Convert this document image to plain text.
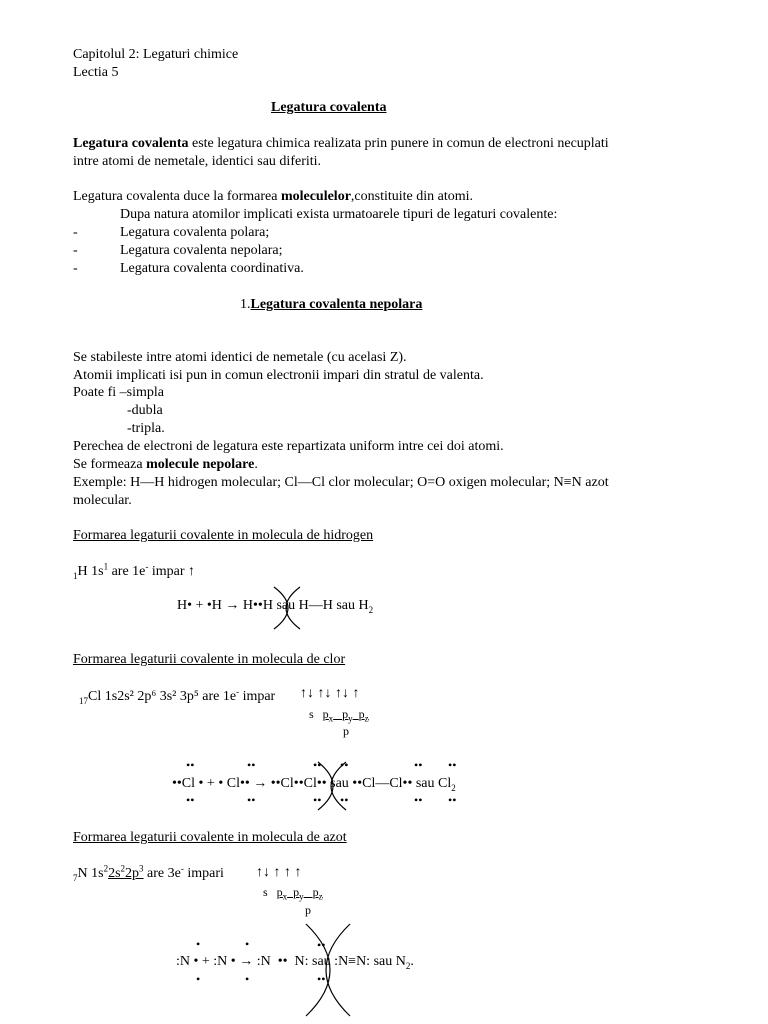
Capitolul 2: Legaturi chimice
Lectia 5
Legatura covalenta
Legatura covalenta este legatura chimica realizata prin punere in comun de electroni necuplati
intre atomi de nemetale, identici sau diferiti.
Legatura covalenta duce la formarea moleculelor,constituite din atomi.
Dupa natura atomilor implicati exista urmatoarele tipuri de legaturi covalente:
-	Legatura covalenta polara;
-	Legatura covalenta nepolara;
-	Legatura covalenta coordinativa.
1.Legatura covalenta nepolara
Se stabileste intre atomi identici de nemetale (cu acelasi Z).
Atomii implicati isi pun in comun electronii impari din stratul de valenta.
Poate fi –simpla
-dubla
-tripla.
Perechea de electroni de legatura este repartizata uniform intre cei doi atomi.
Se formeaza molecule nepolare.
Exemple: H—H hidrogen molecular; Cl—Cl clor molecular; O=O oxigen molecular; N≡N azot
molecular.
Formarea legaturii covalente in molecula de hidrogen
$_1$H $1s^1$ are 1e- impar ↑
H• + •H → H••H sau H—H sau $H_2$
Formarea legaturii covalente in molecula de clor
$_{17}$Cl 1s2s² 2p⁶ 3s² 3p⁵ are 1e- impar ↑↓ ↑↓ ↑↓ ↑
s $p_x$ $p_y$ $p_z$
p
••	••	•• ••	•• ••
••Cl • + • Cl•• → ••Cl••Cl•• sau ••Cl—Cl•• sau $Cl_2$
••	••	•• ••	•• ••
Formarea legaturii covalente in molecula de azot
$_7$N $1s^22s^22p^3$ are 3e- impari ↑↓ ↑ ↑ ↑
s   $p_x$  $p_y$   $p_z$
p
•	•
:N • + :N • → :N •• N: sau :N≡N: sau $N_2$.
•	•
••
••
